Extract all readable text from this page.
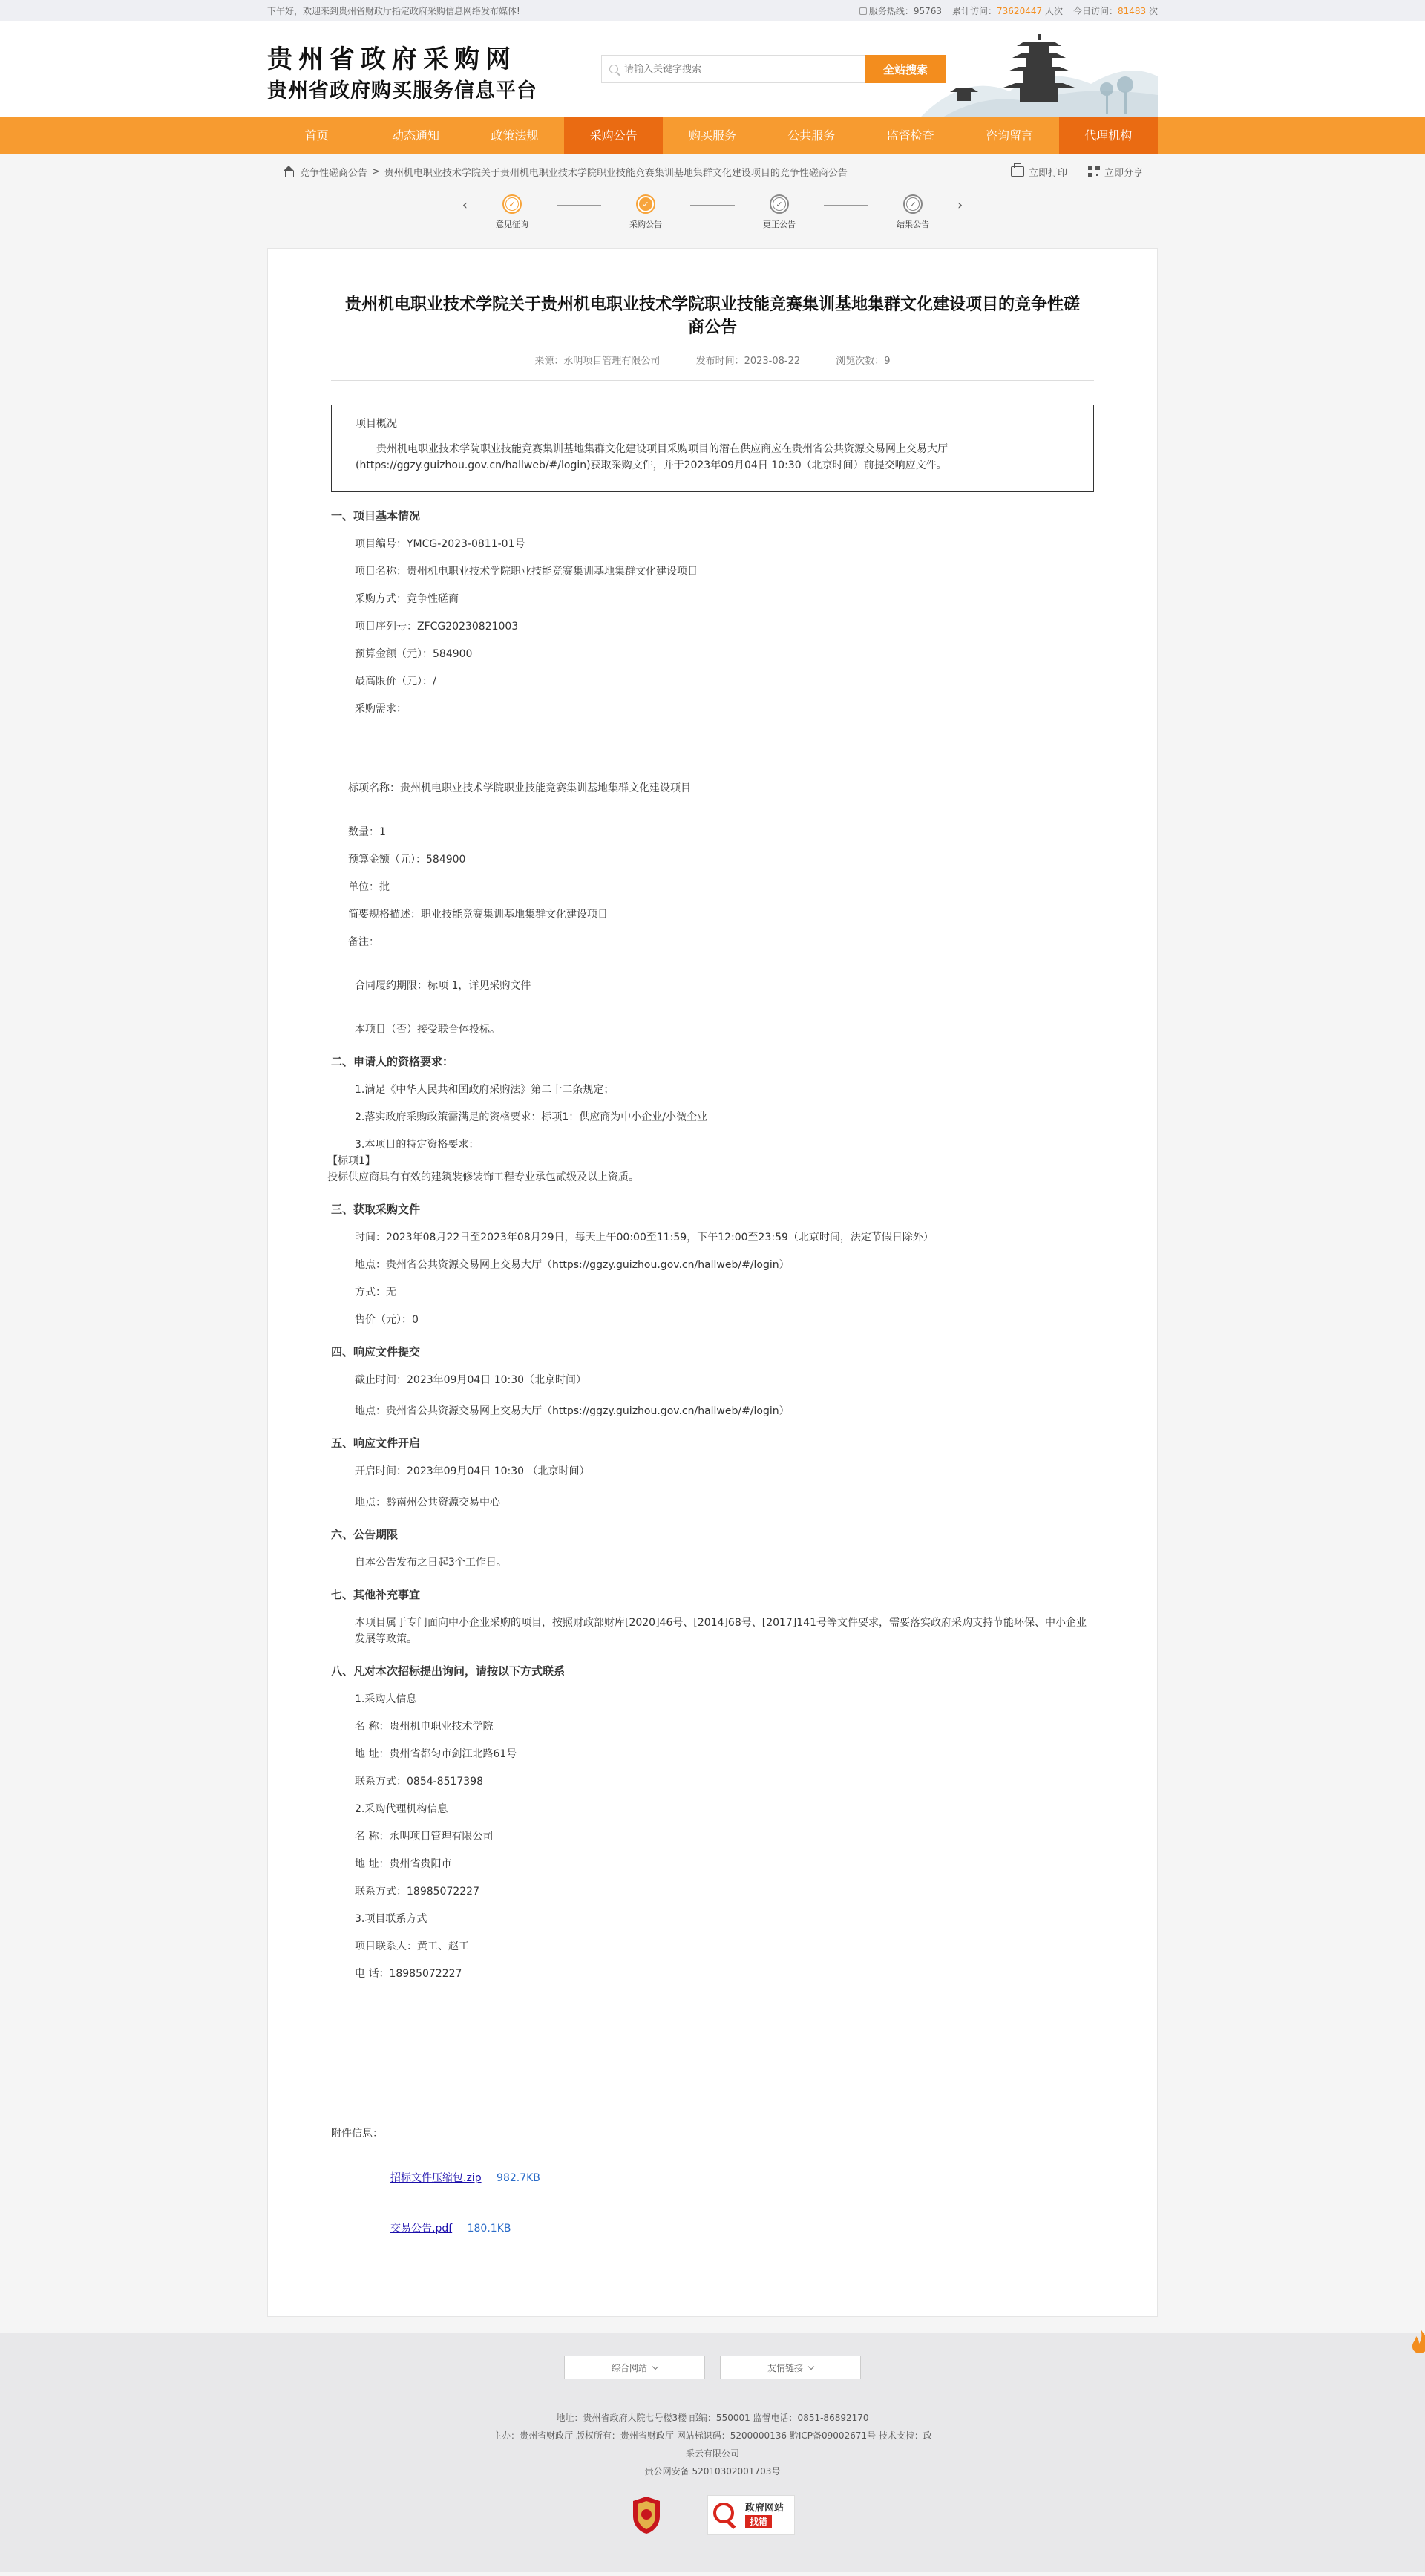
下午好，欢迎来到贵州省财政厅指定政府采购信息网络发布媒体!	服务热线：95763 累计访问：73620447 人次 今日访问：81483 次
贵州省政府采购网
贵州省政府购买服务信息平台
请输入关键字搜索
全站搜索
首页	动态通知	政策法规	采购公告	购买服务	公共服务	监督检查	咨询留言	代理机构
竞争性磋商公告 > 贵州机电职业技术学院关于贵州机电职业技术学院职业技能竞赛集训基地集群文化建设项目的竞争性磋商公告	立即打印	立即分享
‹	✓
意见征询
✓
采购公告
✓
更正公告
✓
结果公告
›
贵州机电职业技术学院关于贵州机电职业技术学院职业技能竞赛集训基地集群文化建设项目的竞争性磋商公告
来源：永明项目管理有限公司	发布时间：2023-08-22	浏览次数：9
项目概况

贵州机电职业技术学院职业技能竞赛集训基地集群文化建设项目采购项目的潜在供应商应在贵州省公共资源交易网上交易大厅(https://ggzy.guizhou.gov.cn/hallweb/#/login)获取采购文件，并于2023年09月04日 10:30（北京时间）前提交响应文件。

一、项目基本情况
项目编号：YMCG-2023-0811-01号
项目名称：贵州机电职业技术学院职业技能竞赛集训基地集群文化建设项目
采购方式：竞争性磋商
项目序列号：ZFCG20230821003
预算金额（元）：584900
最高限价（元）：/
采购需求：
标项名称：贵州机电职业技术学院职业技能竞赛集训基地集群文化建设项目
数量：1
预算金额（元）：584900
单位：批
简要规格描述：职业技能竞赛集训基地集群文化建设项目
备注：
合同履约期限：标项 1，详见采购文件
本项目（否）接受联合体投标。
二、申请人的资格要求：
1.满足《中华人民共和国政府采购法》第二十二条规定；
2.落实政府采购政策需满足的资格要求：标项1：供应商为中小企业/小微企业
3.本项目的特定资格要求：
【标项1】
投标供应商具有有效的建筑装修装饰工程专业承包贰级及以上资质。
三、获取采购文件
时间：2023年08月22日至2023年08月29日，每天上午00:00至11:59，下午12:00至23:59（北京时间，法定节假日除外）
地点：贵州省公共资源交易网上交易大厅（https://ggzy.guizhou.gov.cn/hallweb/#/login）
方式：无
售价（元）：0
四、响应文件提交
截止时间：2023年09月04日 10:30（北京时间）
地点：贵州省公共资源交易网上交易大厅（https://ggzy.guizhou.gov.cn/hallweb/#/login）
五、响应文件开启
开启时间：2023年09月04日 10:30 （北京时间）
地点：黔南州公共资源交易中心
六、公告期限
自本公告发布之日起3个工作日。
七、其他补充事宜
本项目属于专门面向中小企业采购的项目，按照财政部财库[2020]46号、[2014]68号、[2017]141号等文件要求，需要落实政府采购支持节能环保、中小企业发展等政策。
八、凡对本次招标提出询问，请按以下方式联系
1.采购人信息
名 称：贵州机电职业技术学院
地 址：贵州省都匀市剑江北路61号
联系方式：0854-8517398
2.采购代理机构信息
名 称：永明项目管理有限公司
地 址：贵州省贵阳市
联系方式：18985072227
3.项目联系方式
项目联系人：黄工、赵工
电 话：18985072227
附件信息：
招标文件压缩包.zip 982.7KB
交易公告.pdf 180.1KB
综合网站	友情链接
地址：贵州省政府大院七号楼3楼 邮编：550001 监督电话：0851-86892170
主办：贵州省财政厅 版权所有：贵州省财政厅 网站标识码：5200000136 黔ICP备09002671号 技术支持：政采云有限公司
贵公网安备 52010302001703号
政府网站
找错
